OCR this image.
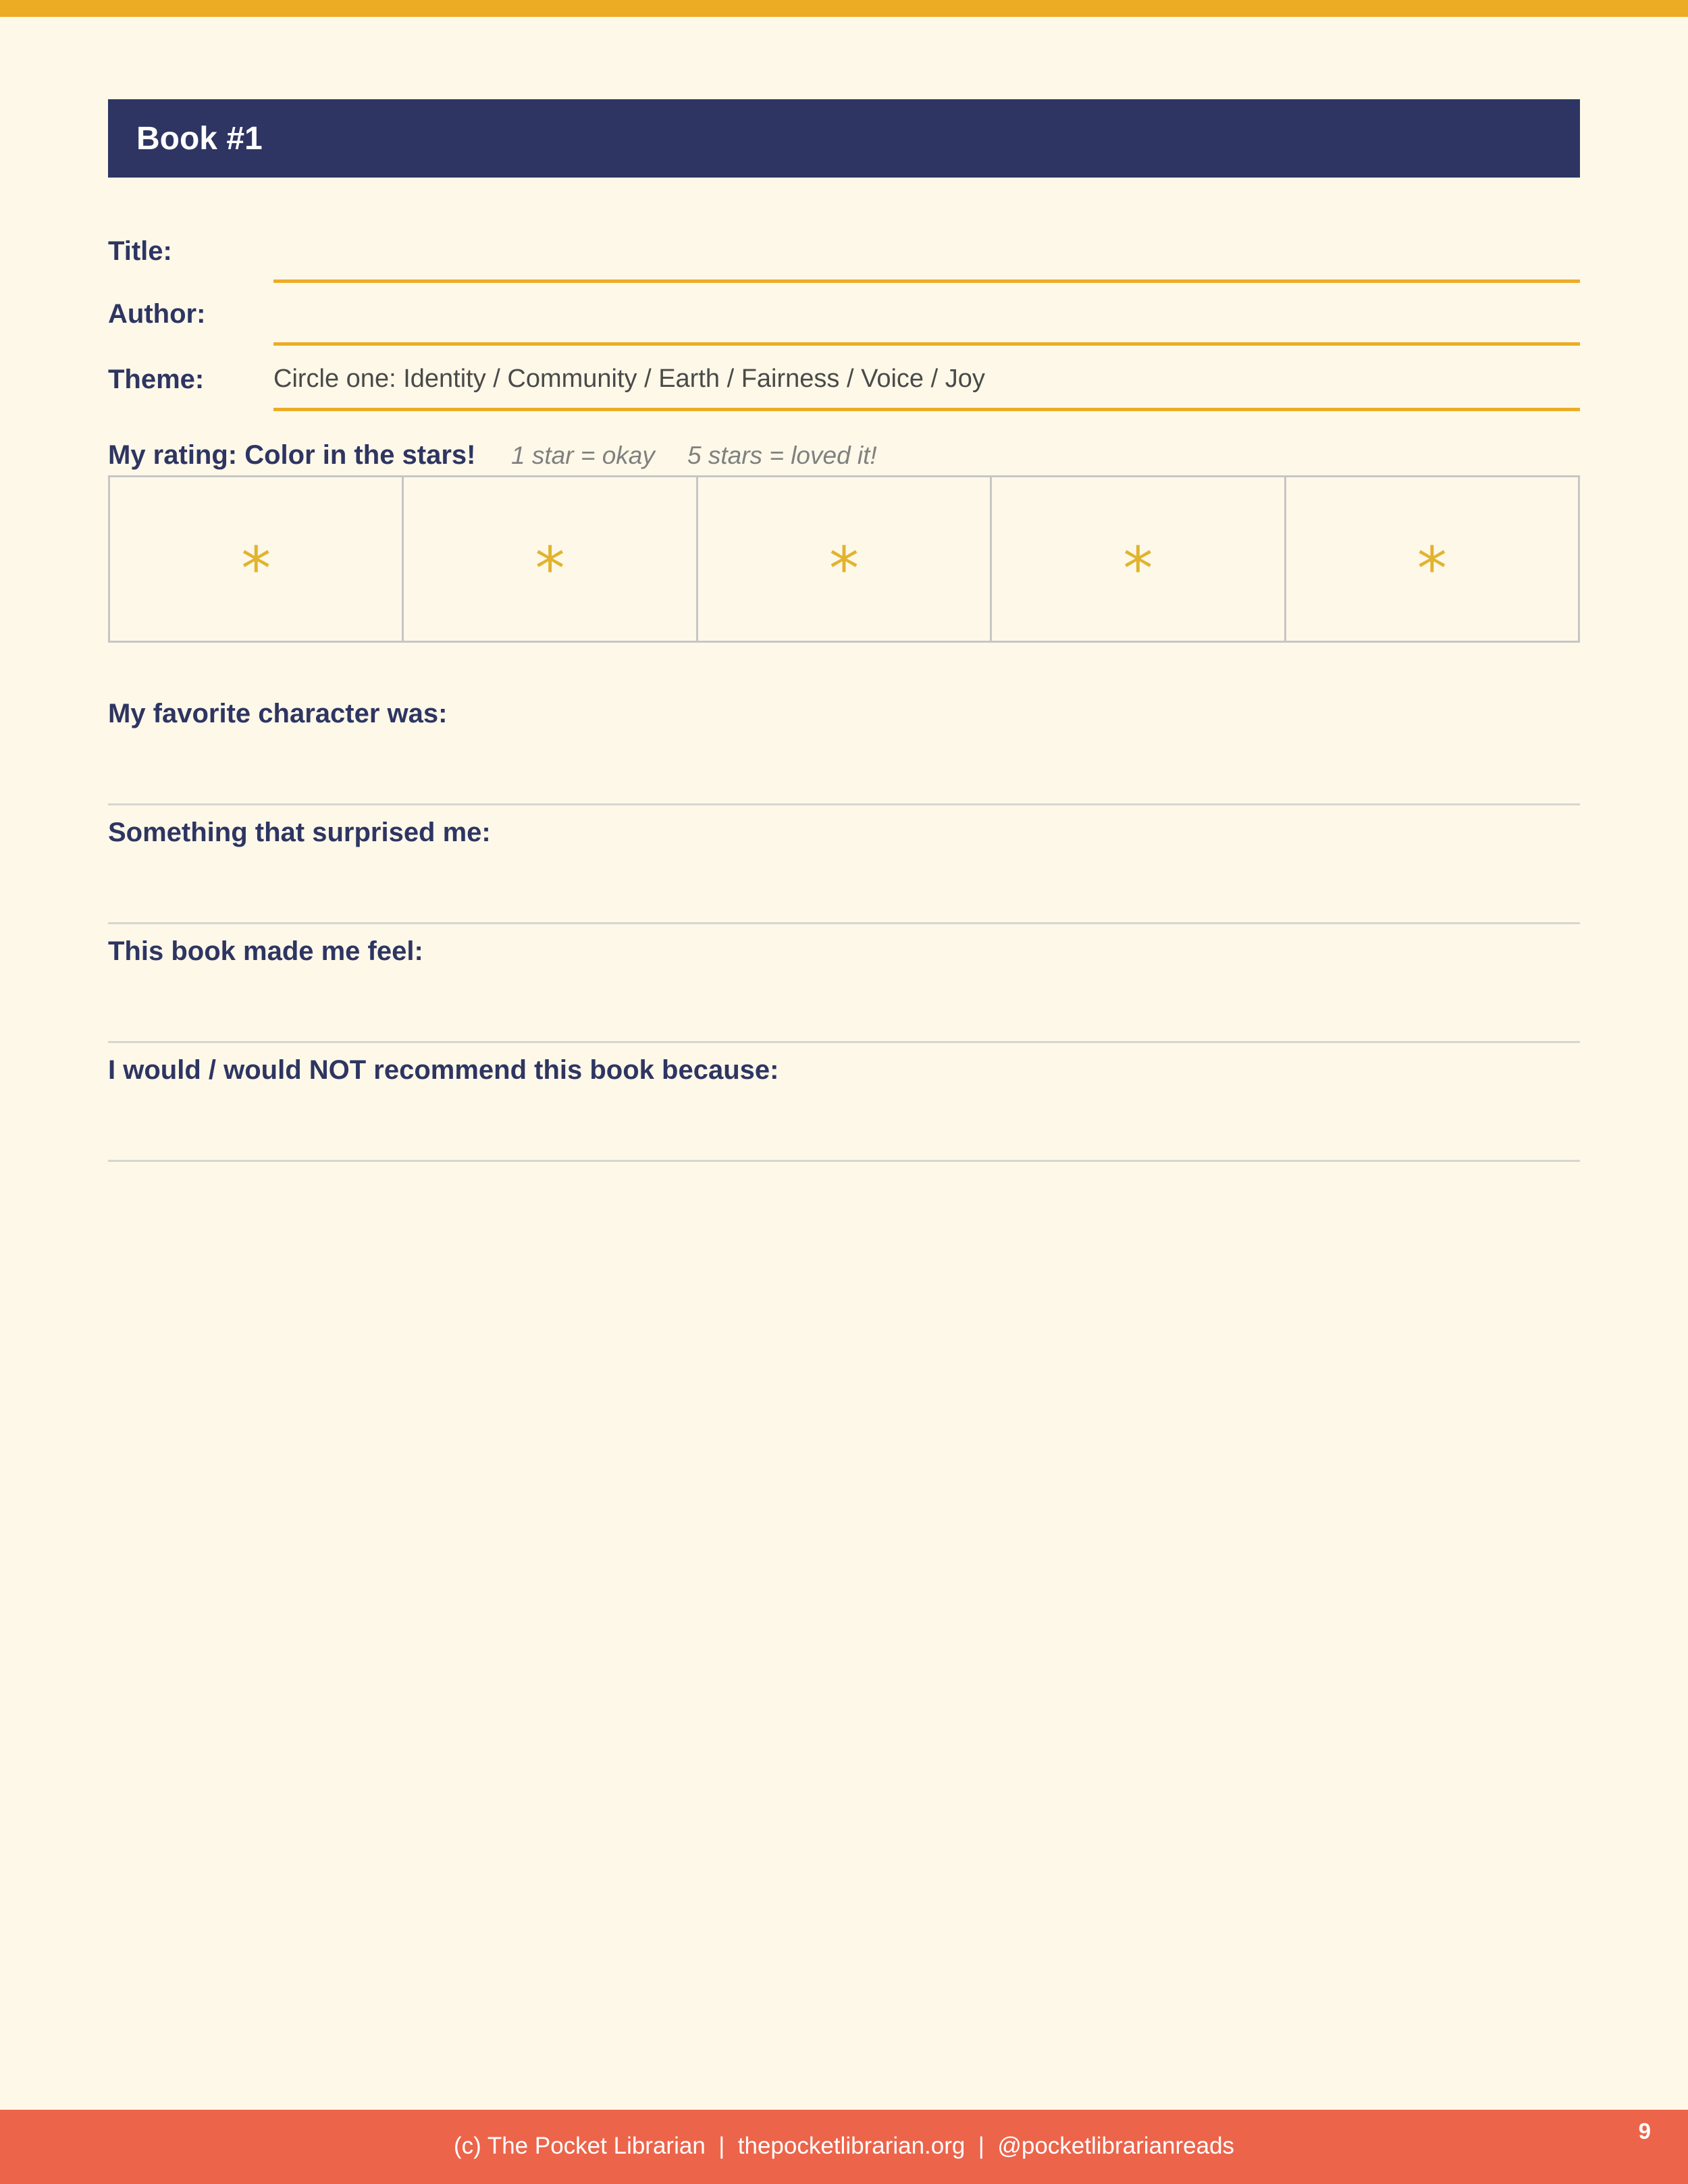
Book #1
Title:
Author:
Theme:	Circle one: Identity / Community / Earth / Fairness / Voice / Joy
My rating: Color in the stars! 1 star = okay 5 stars = loved it!
*	*	*	*	*
My favorite character was:
Something that surprised me:
This book made me feel:
I would / would NOT recommend this book because:
9
(c) The Pocket Librarian  |  thepocketlibrarian.org  |  @pocketlibrarianreads
